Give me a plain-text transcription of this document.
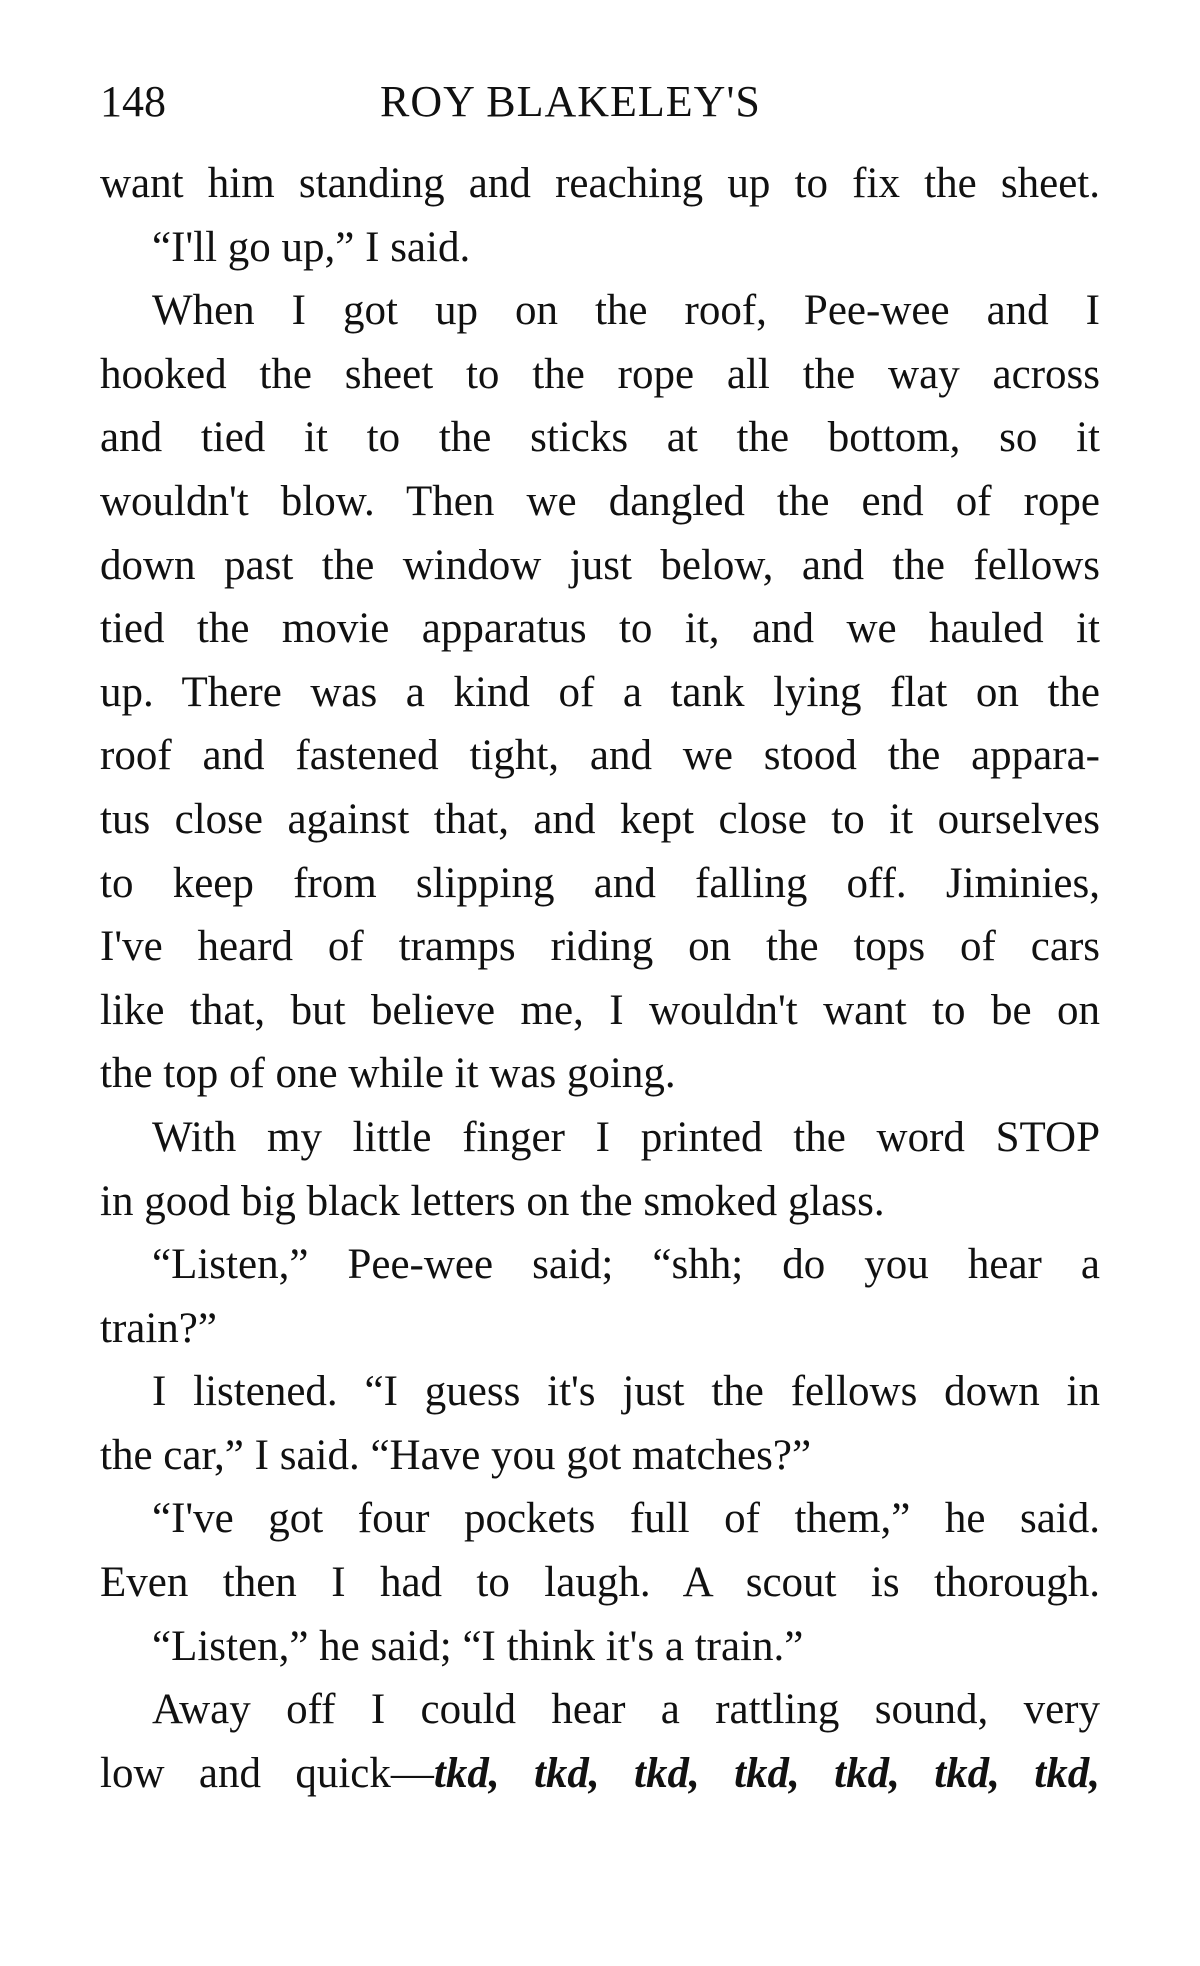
148	ROY BLAKELEY'S
want him standing and reaching up to fix the sheet.
“I'll go up,” I said.
When I got up on the roof, Pee-wee and I
hooked the sheet to the rope all the way across
and tied it to the sticks at the bottom, so it
wouldn't blow. Then we dangled the end of rope
down past the window just below, and the fellows
tied the movie apparatus to it, and we hauled it
up. There was a kind of a tank lying flat on the
roof and fastened tight, and we stood the appara-
tus close against that, and kept close to it ourselves
to keep from slipping and falling off. Jiminies,
I've heard of tramps riding on the tops of cars
like that, but believe me, I wouldn't want to be on
the top of one while it was going.
With my little finger I printed the word STOP
in good big black letters on the smoked glass.
“Listen,” Pee-wee said; “shh; do you hear a
train?”
I listened. “I guess it's just the fellows down in
the car,” I said. “Have you got matches?”
“I've got four pockets full of them,” he said.
Even then I had to laugh. A scout is thorough.
“Listen,” he said; “I think it's a train.”
Away off I could hear a rattling sound, very
low and quick—tkd, tkd, tkd, tkd, tkd, tkd, tkd,
